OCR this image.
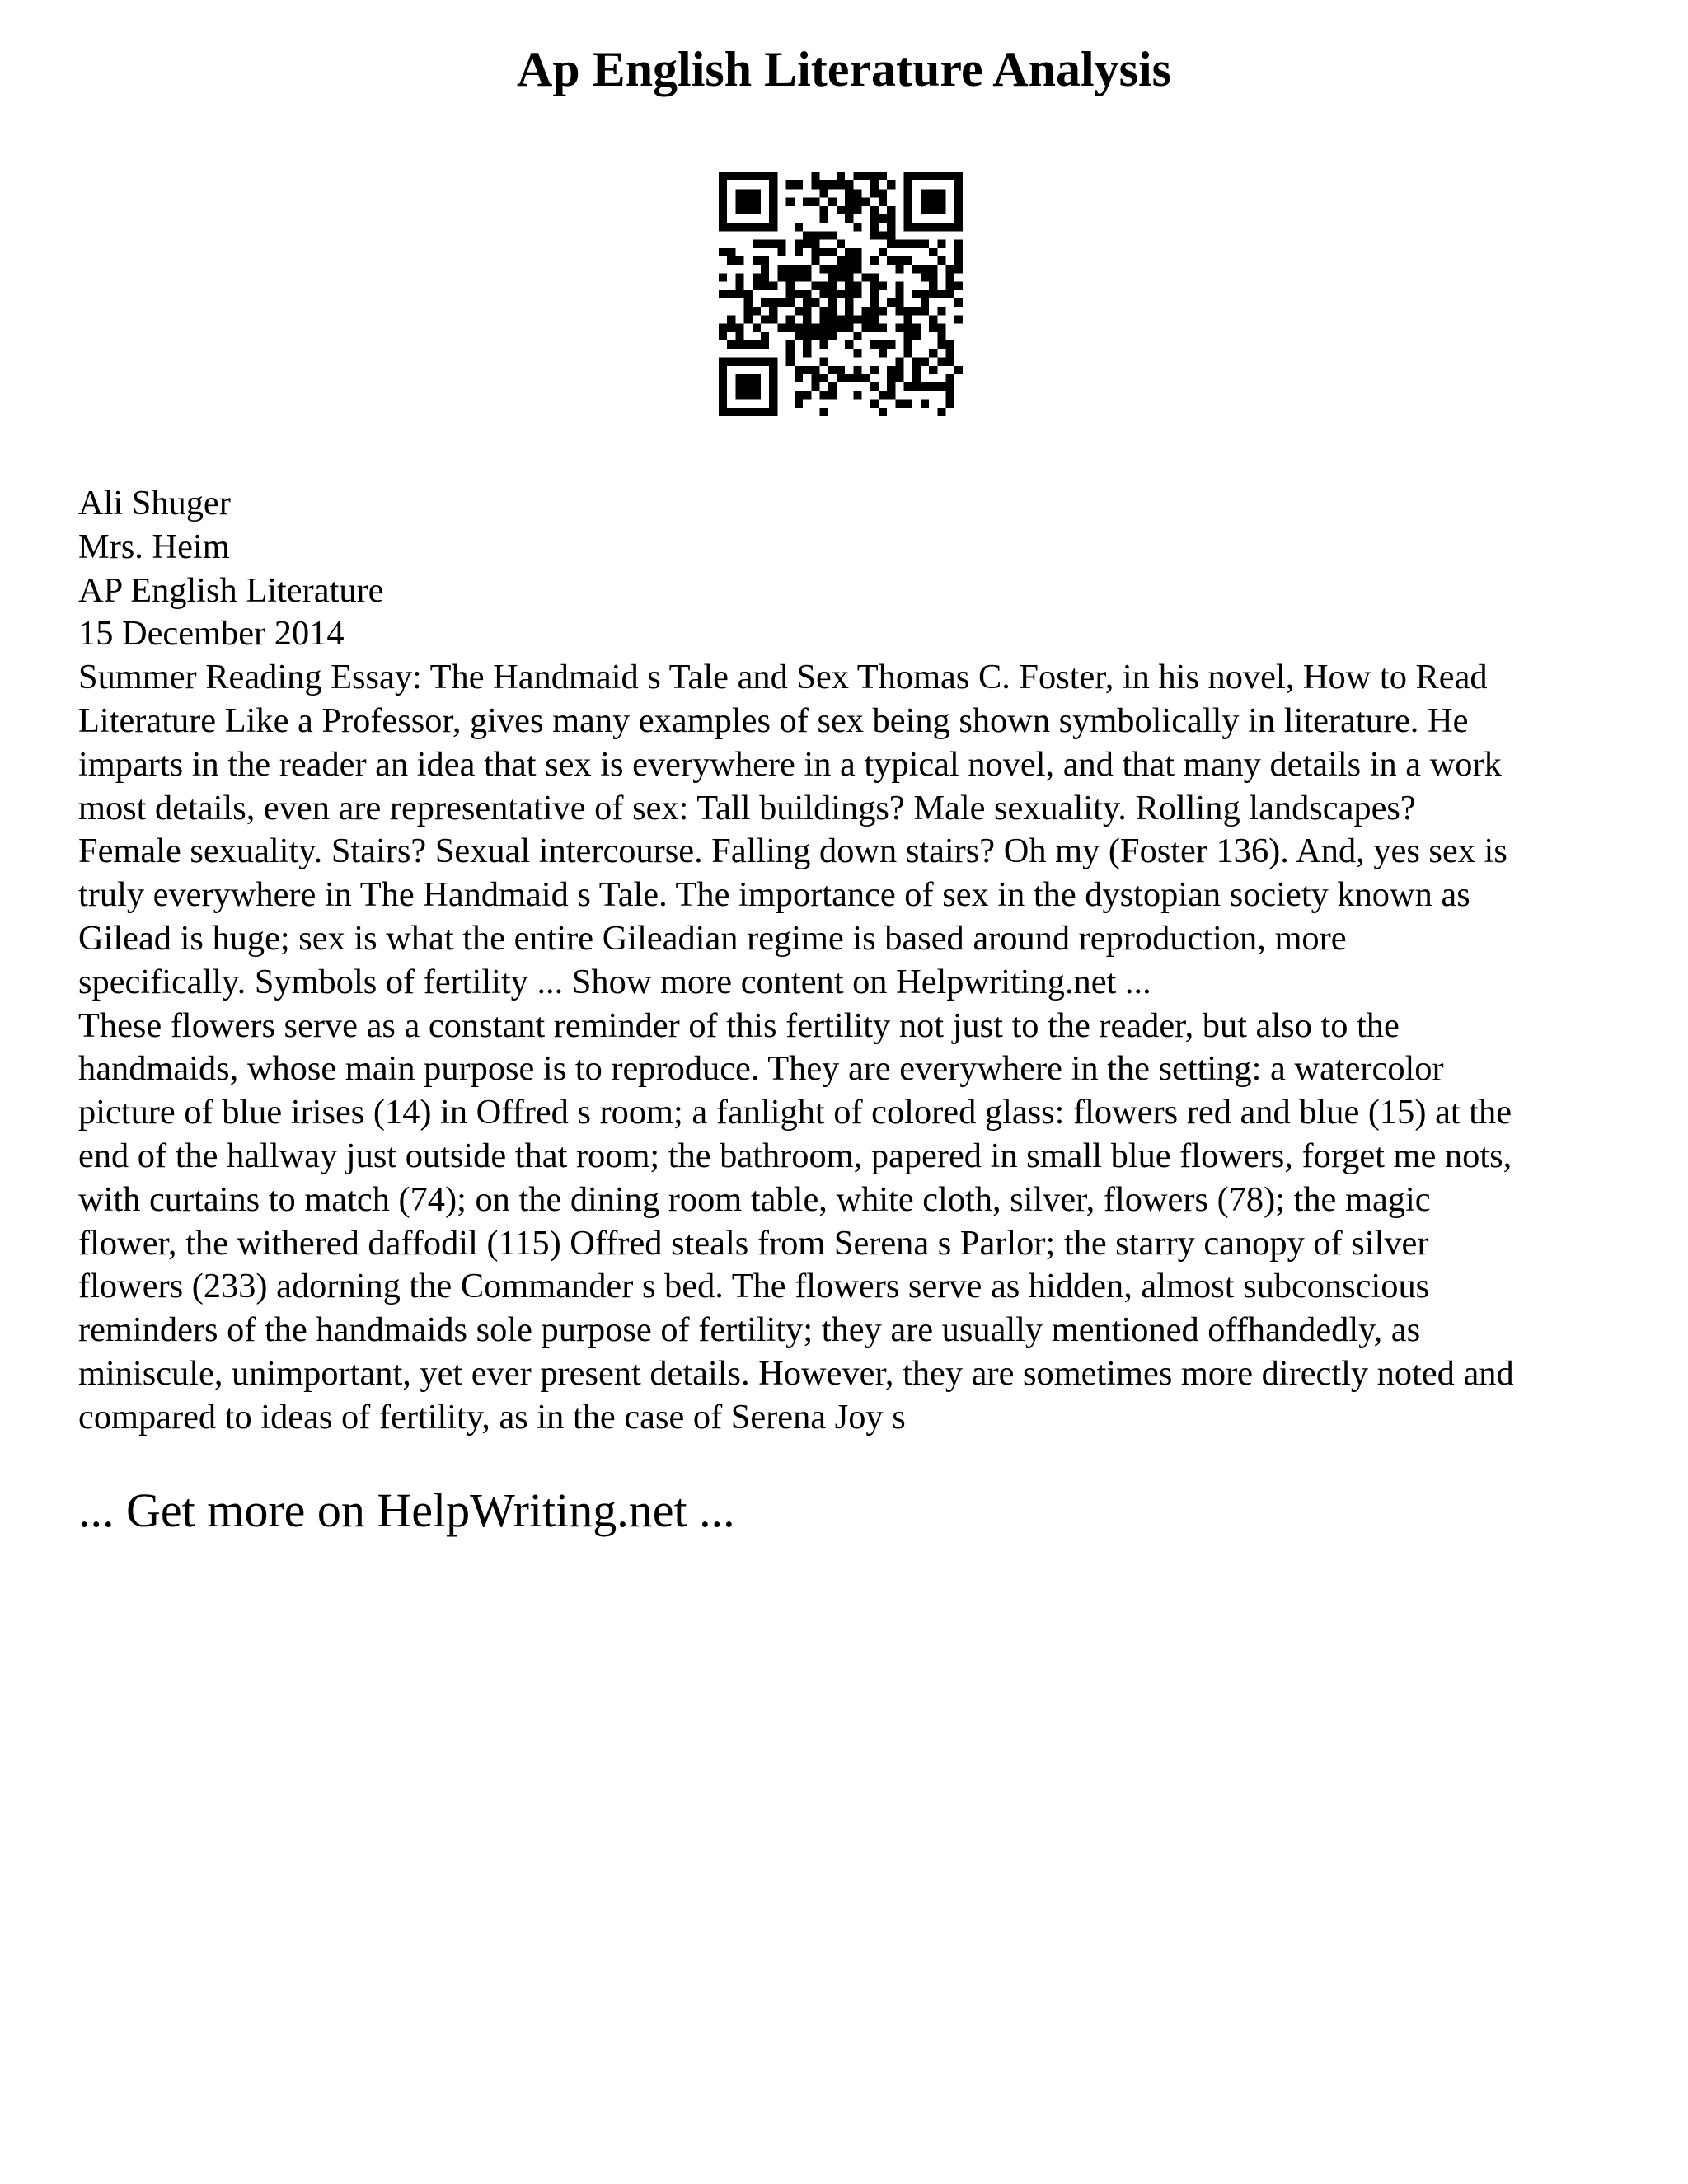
Ap English Literature Analysis
Ali Shuger
Mrs. Heim
AP English Literature
15 December 2014
Summer Reading Essay: The Handmaid s Tale and Sex Thomas C. Foster, in his novel, How to Read
Literature Like a Professor, gives many examples of sex being shown symbolically in literature. He
imparts in the reader an idea that sex is everywhere in a typical novel, and that many details in a work
most details, even are representative of sex: Tall buildings? Male sexuality. Rolling landscapes?
Female sexuality. Stairs? Sexual intercourse. Falling down stairs? Oh my (Foster 136). And, yes sex is
truly everywhere in The Handmaid s Tale. The importance of sex in the dystopian society known as
Gilead is huge; sex is what the entire Gileadian regime is based around reproduction, more
specifically. Symbols of fertility ... Show more content on Helpwriting.net ...
These flowers serve as a constant reminder of this fertility not just to the reader, but also to the
handmaids, whose main purpose is to reproduce. They are everywhere in the setting: a watercolor
picture of blue irises (14) in Offred s room; a fanlight of colored glass: flowers red and blue (15) at the
end of the hallway just outside that room; the bathroom, papered in small blue flowers, forget me nots,
with curtains to match (74); on the dining room table, white cloth, silver, flowers (78); the magic
flower, the withered daffodil (115) Offred steals from Serena s Parlor; the starry canopy of silver
flowers (233) adorning the Commander s bed. The flowers serve as hidden, almost subconscious
reminders of the handmaids sole purpose of fertility; they are usually mentioned offhandedly, as
miniscule, unimportant, yet ever present details. However, they are sometimes more directly noted and
compared to ideas of fertility, as in the case of Serena Joy s
... Get more on HelpWriting.net ...
